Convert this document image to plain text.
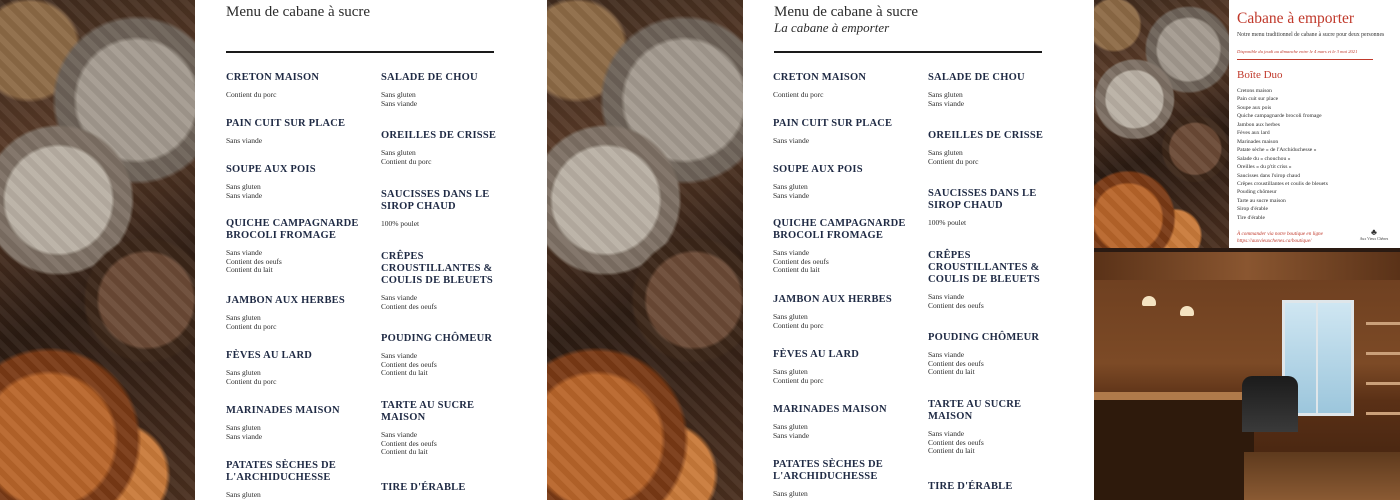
Menu de cabane à sucre
CRETON MAISON
Contient du porc
PAIN CUIT SUR PLACE
Sans viande
SOUPE AUX POIS
Sans gluten
Sans viande
QUICHE CAMPAGNARDE BROCOLI FROMAGE
Sans viande
Contient des oeufs
Contient du lait
JAMBON AUX HERBES
Sans gluten
Contient du porc
FÈVES AU LARD
Sans gluten
Contient du porc
MARINADES MAISON
Sans gluten
Sans viande
PATATES SÈCHES DE L'ARCHIDUCHESSE
Sans gluten
SALADE DE CHOU
Sans gluten
Sans viande
OREILLES DE CRISSE
Sans gluten
Contient du porc
SAUCISSES DANS LE SIROP CHAUD
100% poulet
CRÊPES CROUSTILLANTES & COULIS DE BLEUETS
Sans viande
Contient des oeufs
POUDING CHÔMEUR
Sans viande
Contient des oeufs
Contient du lait
TARTE AU SUCRE MAISON
Sans viande
Contient des oeufs
Contient du lait
TIRE D'ÉRABLE
Menu de cabane à sucre
La cabane à emporter
CRETON MAISON
Contient du porc
PAIN CUIT SUR PLACE
Sans viande
SOUPE AUX POIS
Sans gluten
Sans viande
QUICHE CAMPAGNARDE BROCOLI FROMAGE
Sans viande
Contient des oeufs
Contient du lait
JAMBON AUX HERBES
Sans gluten
Contient du porc
FÈVES AU LARD
Sans gluten
Contient du porc
MARINADES MAISON
Sans gluten
Sans viande
PATATES SÈCHES DE L'ARCHIDUCHESSE
Sans gluten
SALADE DE CHOU
Sans gluten
Sans viande
OREILLES DE CRISSE
Sans gluten
Contient du porc
SAUCISSES DANS LE SIROP CHAUD
100% poulet
CRÊPES CROUSTILLANTES & COULIS DE BLEUETS
Sans viande
Contient des oeufs
POUDING CHÔMEUR
Sans viande
Contient des oeufs
Contient du lait
TARTE AU SUCRE MAISON
Sans viande
Contient des oeufs
Contient du lait
TIRE D'ÉRABLE
Cabane à emporter
Notre menu traditionnel de cabane à sucre pour deux personnes
Disponible du jeudi au dimanche entre le 4 mars et le 3 mai 2021
Boîte Duo
Cretons maison
Pain cuit sur place
Soupe aux pois
Quiche campagnarde brocoli fromage
Jambon aux herbes
Fèves aux lard
Marinades maison
Patate sèche « de l'Archiduchesse »
Salade du « chouchou »
Oreilles « du p'tit criss »
Saucisses dans l'sirop chaud
Crêpes croustillantes et coulis de bleuets
Pouding chômeur
Tarte au sucre maison
Sirop d'érable
Tire d'érable
À commander via notre boutique en ligne
https://auxvieuxchenes.ca/boutique/
♣
Aux Vieux Chênes
